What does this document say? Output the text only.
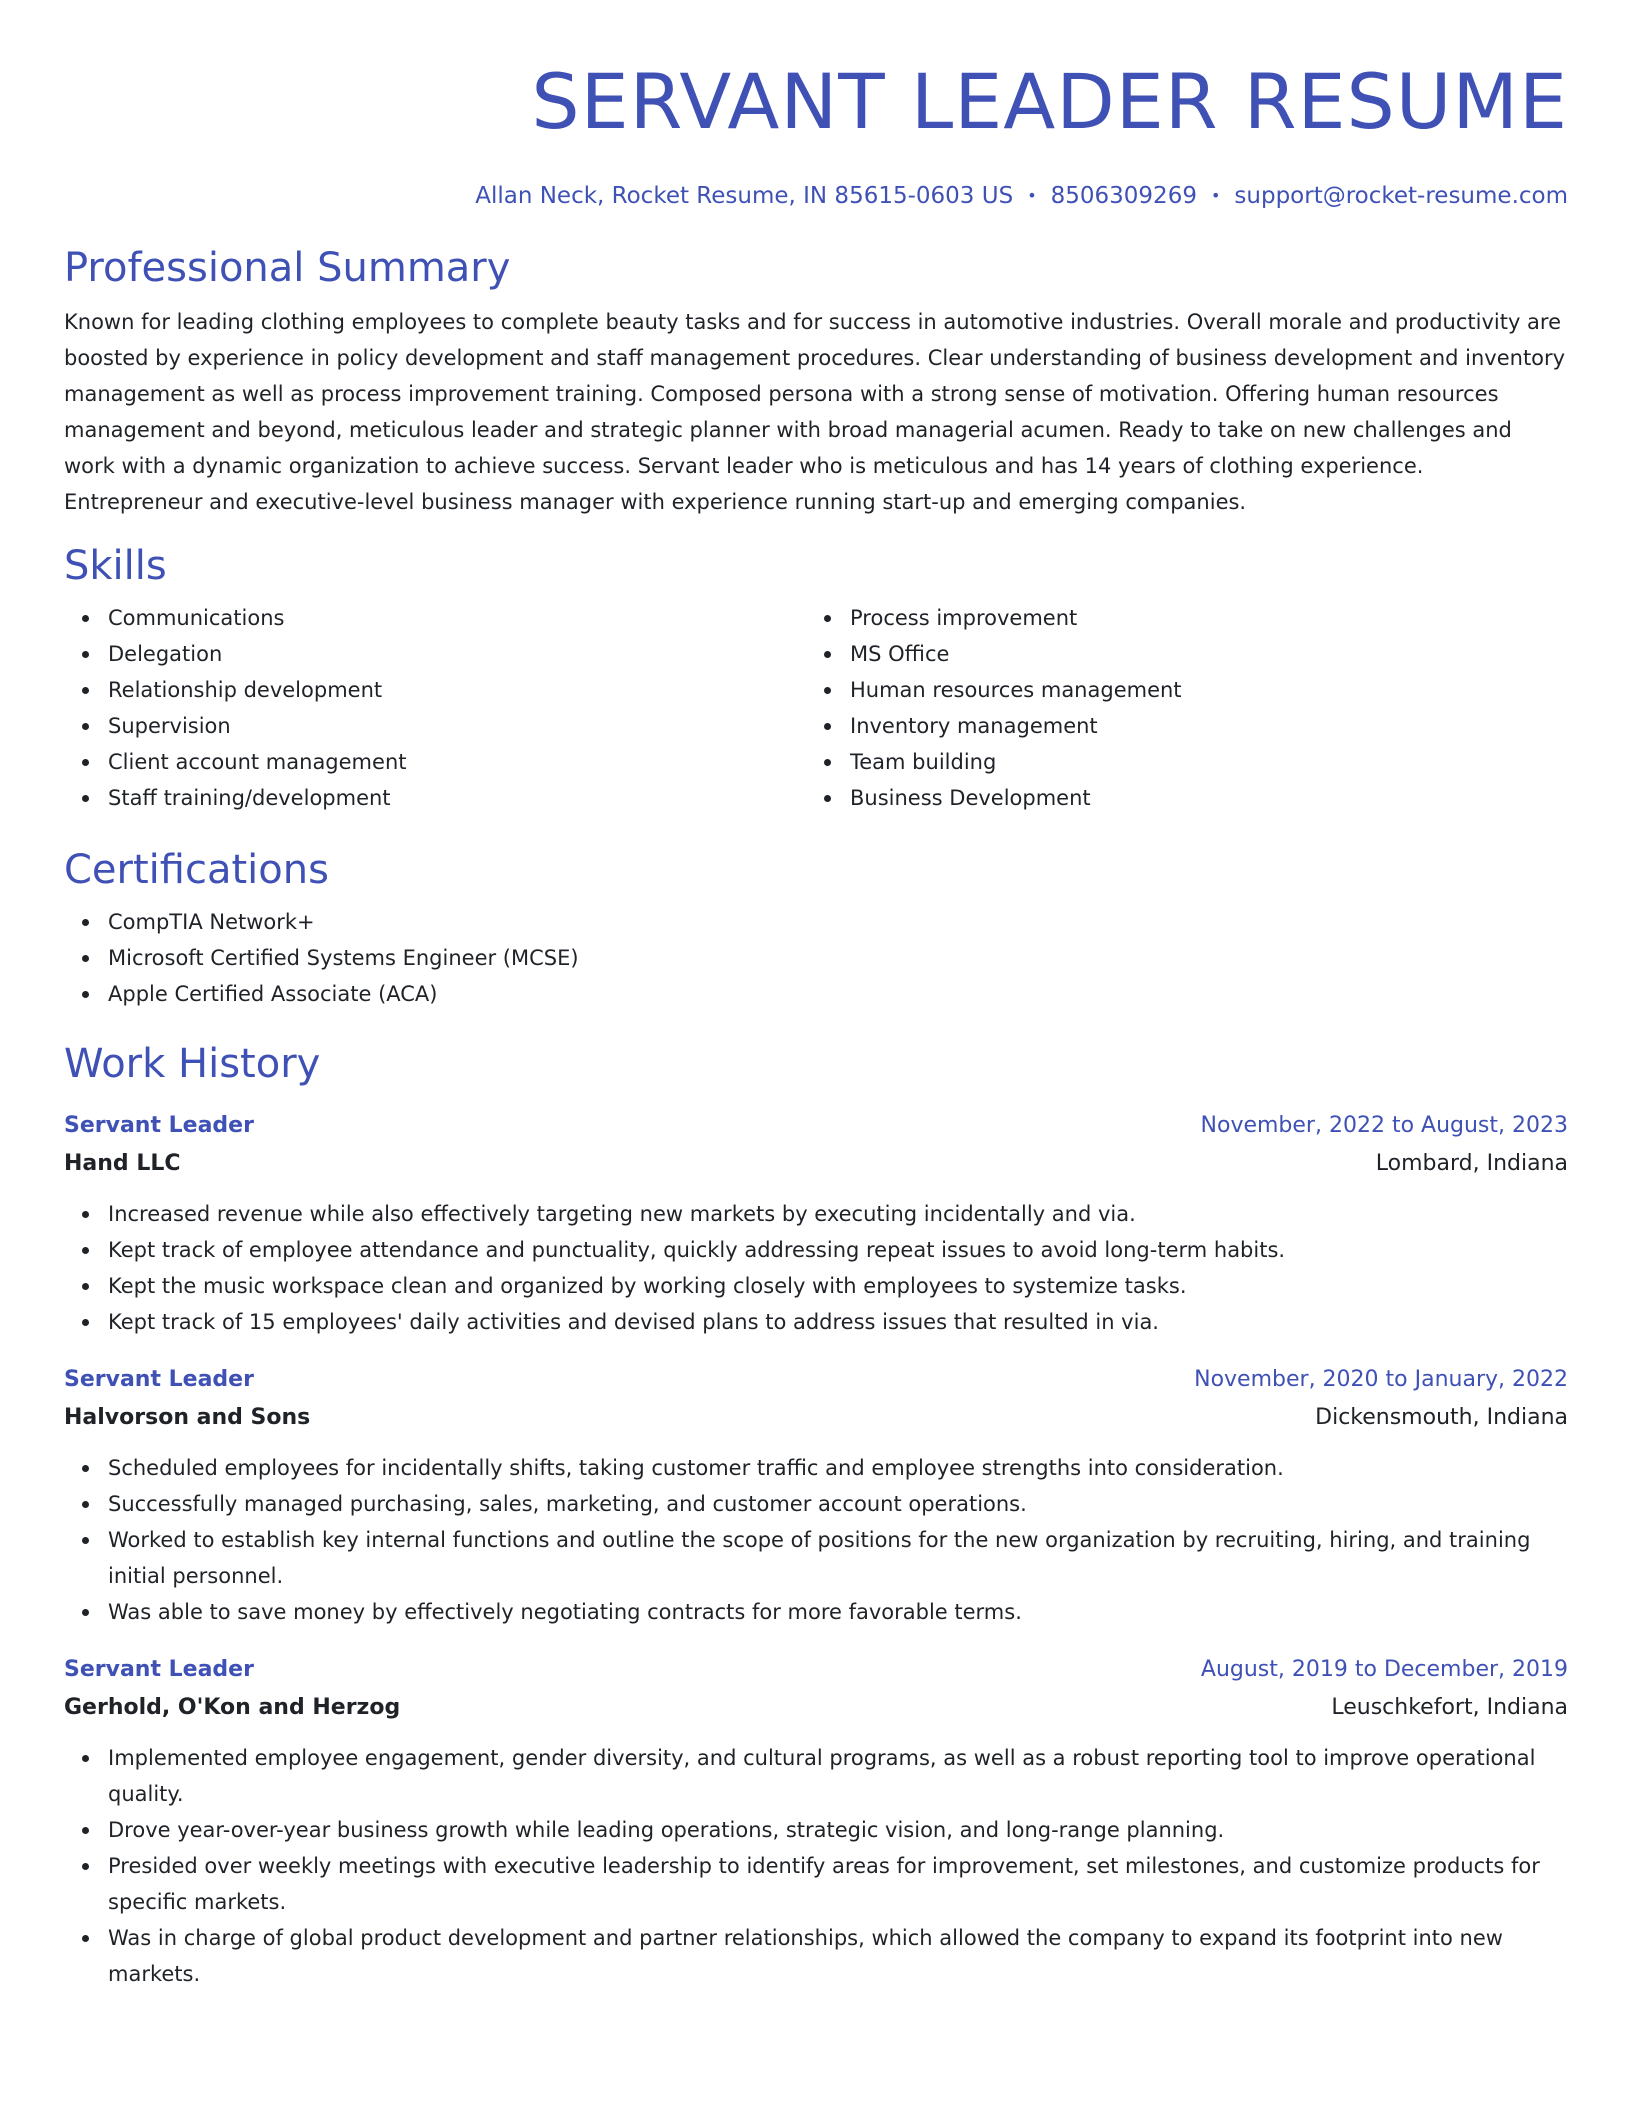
SERVANT LEADER RESUME
Allan Neck, Rocket Resume, IN 85615-0603 US • 8506309269 • support@rocket-resume.com
Professional Summary

Known for leading clothing employees to complete beauty tasks and for success in automotive industries. Overall morale and productivity are boosted by experience in policy development and staff management procedures. Clear understanding of business development and inventory management as well as process improvement training. Composed persona with a strong sense of motivation. Offering human resources management and beyond, meticulous leader and strategic planner with broad managerial acumen. Ready to take on new challenges and work with a dynamic organization to achieve success. Servant leader who is meticulous and has 14 years of clothing experience. Entrepreneur and executive-level business manager with experience running start-up and emerging companies.

Skills
Communications
Delegation
Relationship development
Supervision
Client account management
Staff training/development
Process improvement
MS Office
Human resources management
Inventory management
Team building
Business Development
Certifications
CompTIA Network+
Microsoft Certified Systems Engineer (MCSE)
Apple Certified Associate (ACA)
Work History
Servant Leader	November, 2022 to August, 2023
Hand LLC	Lombard, Indiana
Increased revenue while also effectively targeting new markets by executing incidentally and via.
Kept track of employee attendance and punctuality, quickly addressing repeat issues to avoid long-term habits.
Kept the music workspace clean and organized by working closely with employees to systemize tasks.
Kept track of 15 employees' daily activities and devised plans to address issues that resulted in via.
Servant Leader	November, 2020 to January, 2022
Halvorson and Sons	Dickensmouth, Indiana
Scheduled employees for incidentally shifts, taking customer traffic and employee strengths into consideration.
Successfully managed purchasing, sales, marketing, and customer account operations.
Worked to establish key internal functions and outline the scope of positions for the new organization by recruiting, hiring, and training initial personnel.
Was able to save money by effectively negotiating contracts for more favorable terms.
Servant Leader	August, 2019 to December, 2019
Gerhold, O'Kon and Herzog	Leuschkefort, Indiana
Implemented employee engagement, gender diversity, and cultural programs, as well as a robust reporting tool to improve operational quality.
Drove year-over-year business growth while leading operations, strategic vision, and long-range planning.
Presided over weekly meetings with executive leadership to identify areas for improvement, set milestones, and customize products for specific markets.
Was in charge of global product development and partner relationships, which allowed the company to expand its footprint into new markets.
